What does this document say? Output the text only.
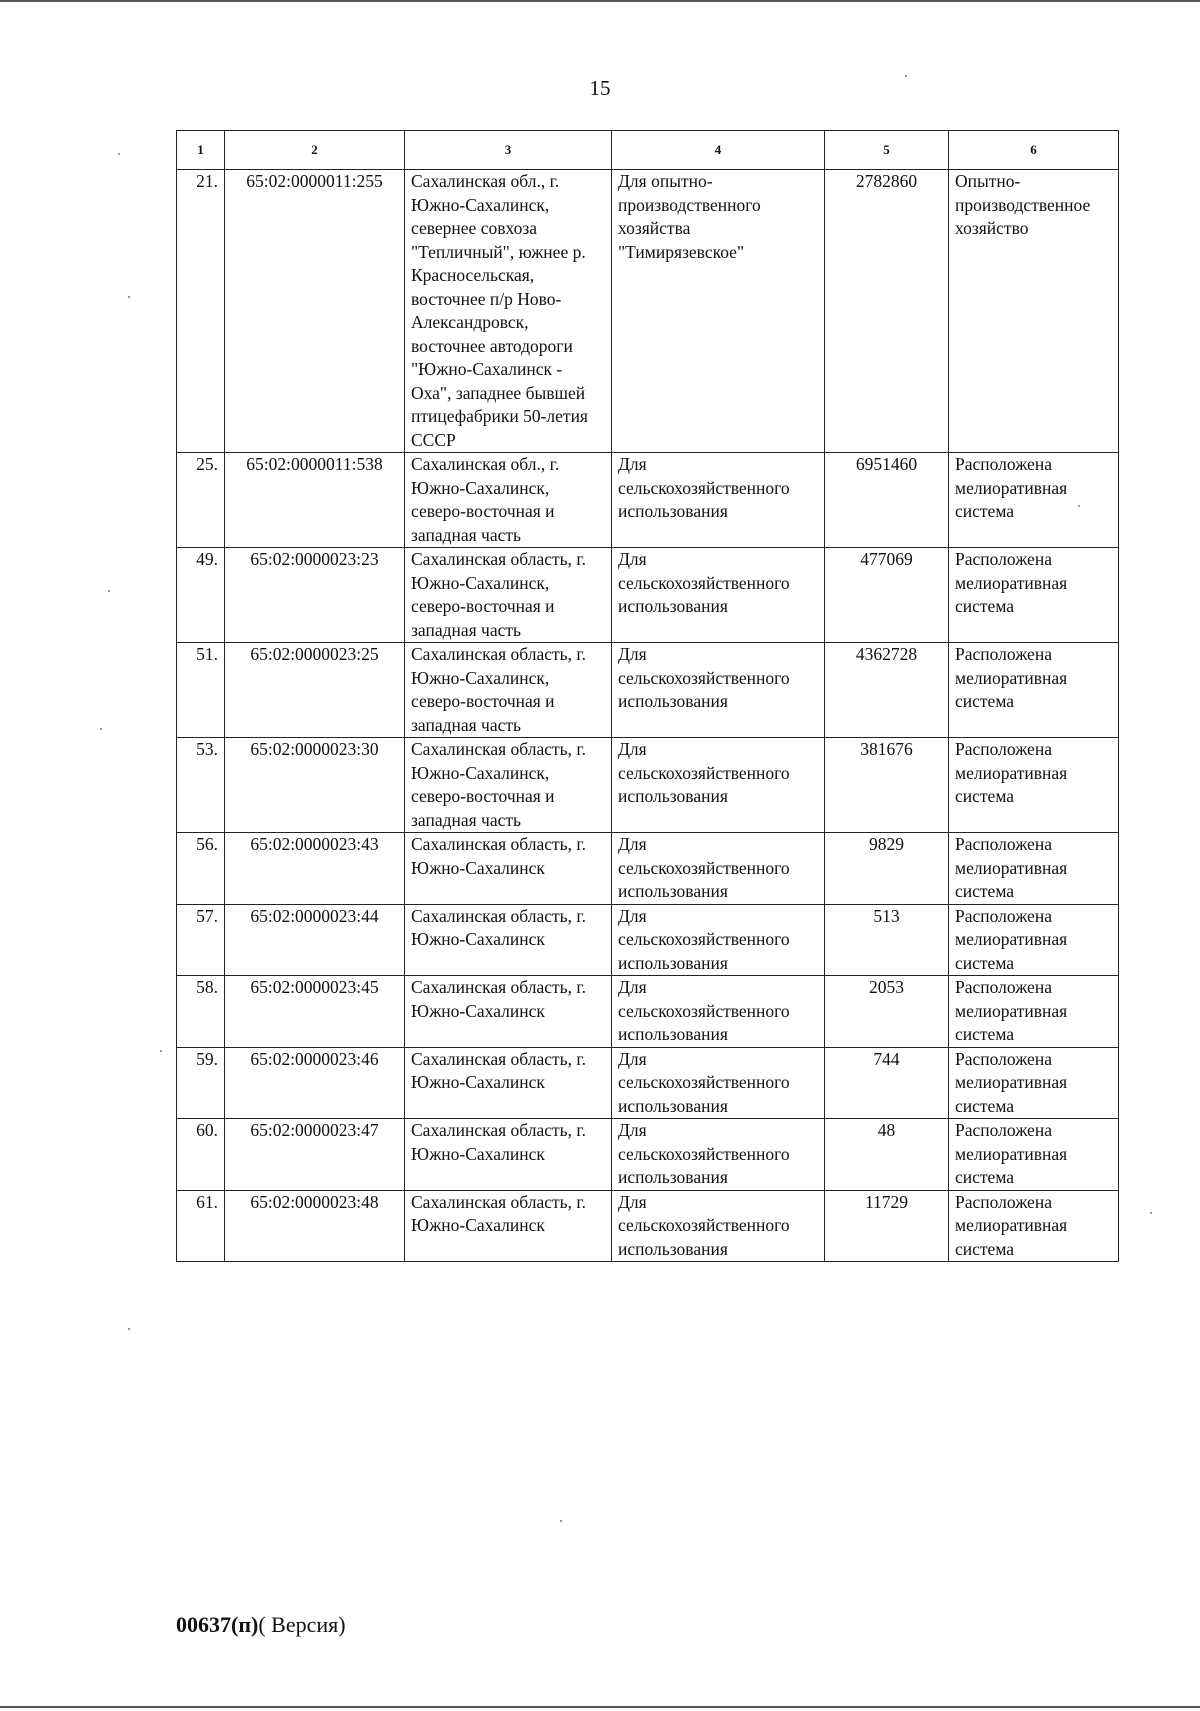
15
1	2	3	4	5	6
21.	65:02:0000011:255	Сахалинская обл., г. Южно-Сахалинск, севернее совхоза "Тепличный", южнее р. Красносельская, восточнее п/р Ново-Александровск, восточнее автодороги "Южно-Сахалинск - Оха", западнее бывшей птицефабрики 50-летия СССР	Для опытно-производственного хозяйства "Тимирязевское"	2782860	Опытно-производственное хозяйство
25.	65:02:0000011:538	Сахалинская обл., г. Южно-Сахалинск, северо-восточная и западная часть	Для сельскохозяйственного использования	6951460	Расположена мелиоративная система
49.	65:02:0000023:23	Сахалинская область, г. Южно-Сахалинск, северо-восточная и западная часть	Для сельскохозяйственного использования	477069	Расположена мелиоративная система
51.	65:02:0000023:25	Сахалинская область, г. Южно-Сахалинск, северо-восточная и западная часть	Для сельскохозяйственного использования	4362728	Расположена мелиоративная система
53.	65:02:0000023:30	Сахалинская область, г. Южно-Сахалинск, северо-восточная и западная часть	Для сельскохозяйственного использования	381676	Расположена мелиоративная система
56.	65:02:0000023:43	Сахалинская область, г. Южно-Сахалинск	Для сельскохозяйственного использования	9829	Расположена мелиоративная система
57.	65:02:0000023:44	Сахалинская область, г. Южно-Сахалинск	Для сельскохозяйственного использования	513	Расположена мелиоративная система
58.	65:02:0000023:45	Сахалинская область, г. Южно-Сахалинск	Для сельскохозяйственного использования	2053	Расположена мелиоративная система
59.	65:02:0000023:46	Сахалинская область, г. Южно-Сахалинск	Для сельскохозяйственного использования	744	Расположена мелиоративная система
60.	65:02:0000023:47	Сахалинская область, г. Южно-Сахалинск	Для сельскохозяйственного использования	48	Расположена мелиоративная система
61.	65:02:0000023:48	Сахалинская область, г. Южно-Сахалинск	Для сельскохозяйственного использования	11729	Расположена мелиоративная система
00637(п)( Версия)
